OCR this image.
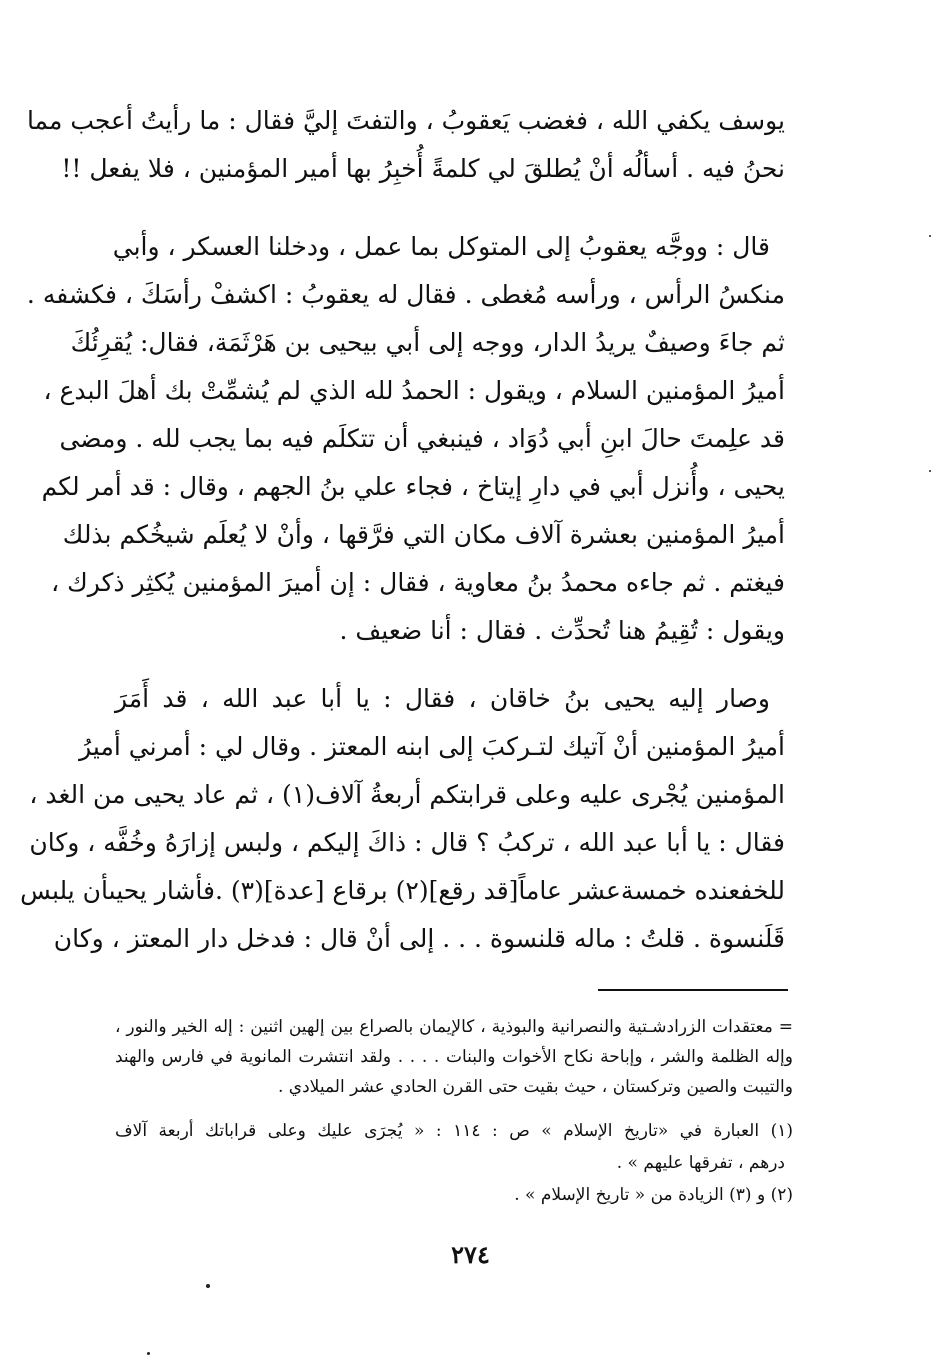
يوسف يكفي الله ، فغضب يَعقوبُ ، والتفتَ إليَّ فقال : ما رأيتُ أعجب مما
نحنُ فيه . أسألُه أنْ يُطلقَ لي كلمةً أُخبِرُ بها أمير المؤمنين ، فلا يفعل !!
قال : ووجَّه يعقوبُ إلى المتوكل بما عمل ، ودخلنا العسكر ، وأبي
منكسُ الرأس ، ورأسه مُغطى . فقال له يعقوبُ : اكشفْ رأسَكَ ، فكشفه .
ثم جاءَ وصيفٌ يريدُ الدار، ووجه إلى أبي بيحيى بن هَرْثَمَة، فقال: يُقرِئُكَ
أميرُ المؤمنين السلام ، ويقول : الحمدُ لله الذي لم يُشمِّتْ بك أهلَ البدع ،
قد علِمتَ حالَ ابنِ أبي دُوَاد ، فينبغي أن تتكلَم فيه بما يجب لله . ومضى
يحيى ، وأُنزل أبي في دارِ إيتاخ ، فجاء علي بنُ الجهم ، وقال : قد أمر لكم
أميرُ المؤمنين بعشرة آلاف مكان التي فرَّقها ، وأنْ لا يُعلَم شيخُكم بذلك
فيغتم . ثم جاءه محمدُ بنُ معاوية ، فقال : إن أميرَ المؤمنين يُكثِر ذكرك ،
ويقول : تُقِيمُ هنا تُحدِّث . فقال : أنا ضعيف .
وصار إليه يحيى بنُ خاقان ، فقال : يا أبا عبد الله ، قد أَمَرَ
أميرُ المؤمنين أنْ آتيك لتـركبَ إلى ابنه المعتز . وقال لي : أمرني أميرُ
المؤمنين يُجْرى عليه وعلى قرابتكم أربعةُ آلاف(١) ، ثم عاد يحيى من الغد ،
فقال : يا أبا عبد الله ، تركبُ ؟ قال : ذاكَ إليكم ، ولبس إزارَهُ وخُفَّه ، وكان
للخفعنده خمسةعشر عاماً[قد رقع](٢) برقاع [عدة](٣) .فأشار يحيىأن يلبس
قَلَنسوة . قلتُ : ماله قلنسوة . . . إلى أنْ قال : فدخل دار المعتز ، وكان
= معتقدات الزرادشـتية والنصرانية والبوذية ، كالإيمان بالصراع بين إلهين اثنين : إله الخير والنور ،
وإله الظلمة والشر ، وإباحة نكاح الأخوات والبنات . . . . ولقد انتشرت المانوية في فارس والهند
والتيبت والصين وتركستان ، حيث بقيت حتى القرن الحادي عشر الميلادي .
(١) العبارة في «تاريخ الإسلام » ص : ١١٤ : « يُجرَى عليك وعلى قراباتك أربعة آلاف
درهم ، تفرقها عليهم » .
(٢) و (٣) الزيادة من « تاريخ الإسلام » .
٢٧٤
